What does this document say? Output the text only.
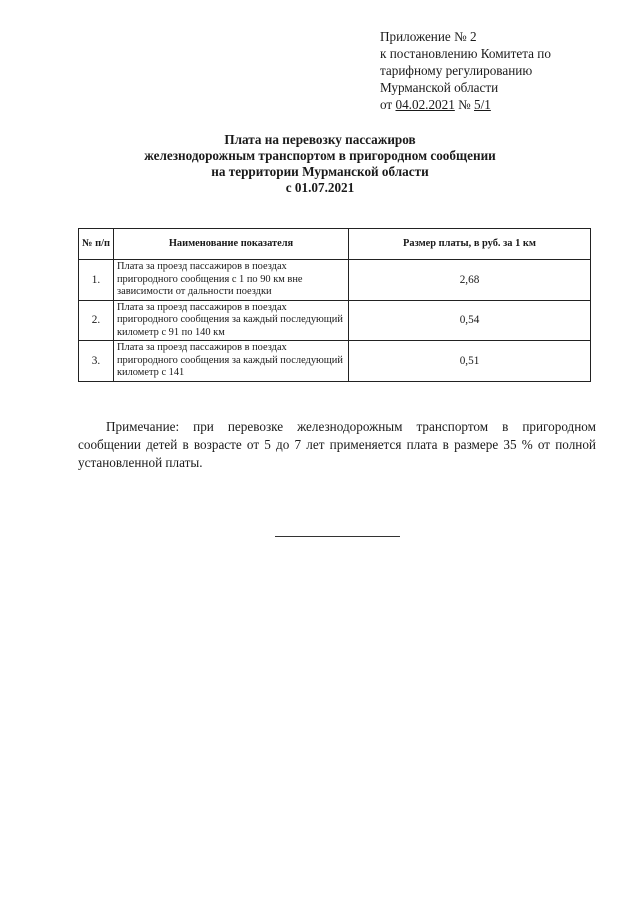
Приложение № 2
к постановлению Комитета по
тарифному регулированию
Мурманской области
от 04.02.2021 № 5/1
Плата на перевозку пассажиров
железнодорожным транспортом в пригородном сообщении
на территории Мурманской области
с 01.07.2021
№ п/п	Наименование показателя	Размер платы, в руб. за 1 км
1.	Плата за проезд пассажиров в поездах пригородного сообщения с 1 по 90 км вне зависимости от дальности поездки	2,68
2.	Плата за проезд пассажиров в поездах пригородного сообщения за каждый последующий километр с 91 по 140 км	0,54
3.	Плата за проезд пассажиров в поездах пригородного сообщения за каждый последующий километр с 141	0,51
Примечание: при перевозке железнодорожным транспортом в пригородном сообщении детей в возрасте от 5 до 7 лет применяется плата в размере 35 % от полной установленной платы.
